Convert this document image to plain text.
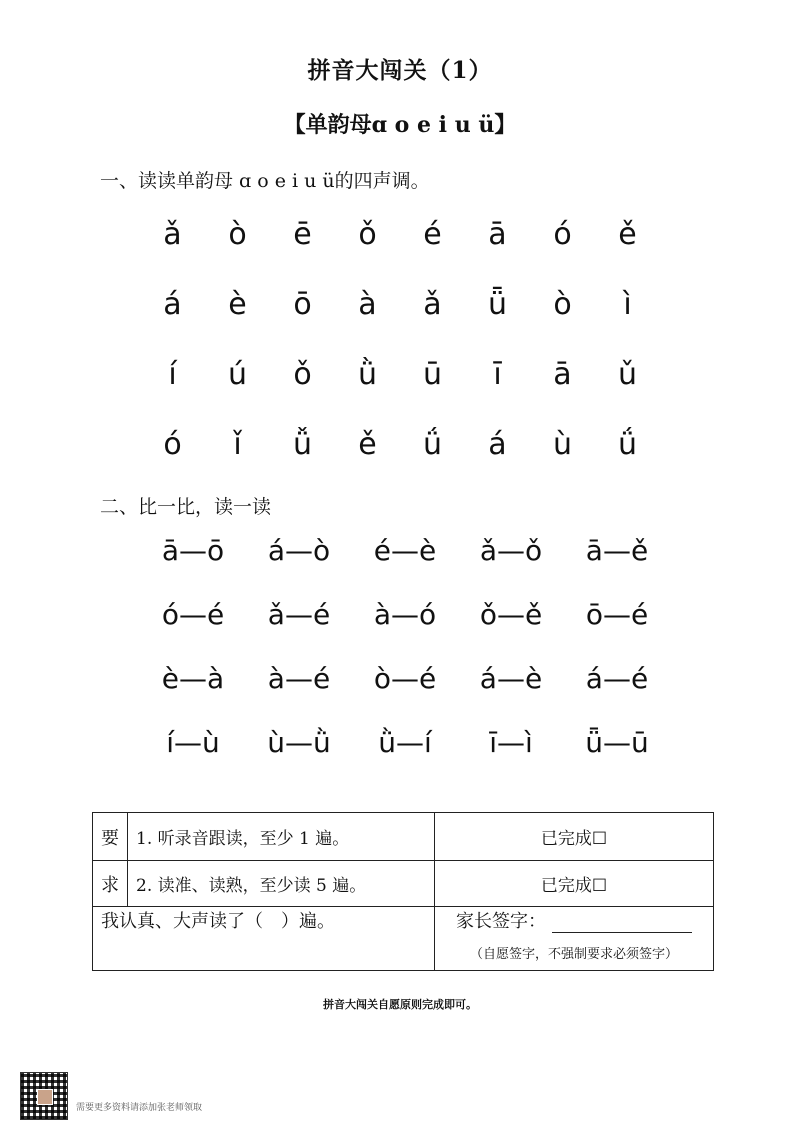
拼音大闯关（1）
【单韵母ɑ o e i u ü】
一、读读单韵母 ɑ o e i u ü的四声调。
ǎ	ò	ē	ǒ	é	ā	ó	ě
á	è	ō	à	ǎ	ǖ	ò	ì
í	ú	ǒ	ǜ	ū	ī	ā	ǔ
ó	ǐ	ǚ	ě	ǘ	á	ù	ǘ
二、比一比，读一读
ā—ō	á—ò	é—è	ǎ—ǒ	ā—ě
ó—é	ǎ—é	à—ó	ǒ—ě	ō—é
è—à	à—é	ò—é	á—è	á—é
í—ù	ù—ǜ	ǜ—í	ī—ì	ǖ—ū
要	1. 听录音跟读，至少 1 遍。	已完成☐
求	2. 读准、读熟，至少读 5 遍。	已完成☐
我认真、大声读了（　）遍。		家长签字：
（自愿签字，不强制要求必须签字）
拼音大闯关自愿原则完成即可。
需要更多资料请添加张老师领取
